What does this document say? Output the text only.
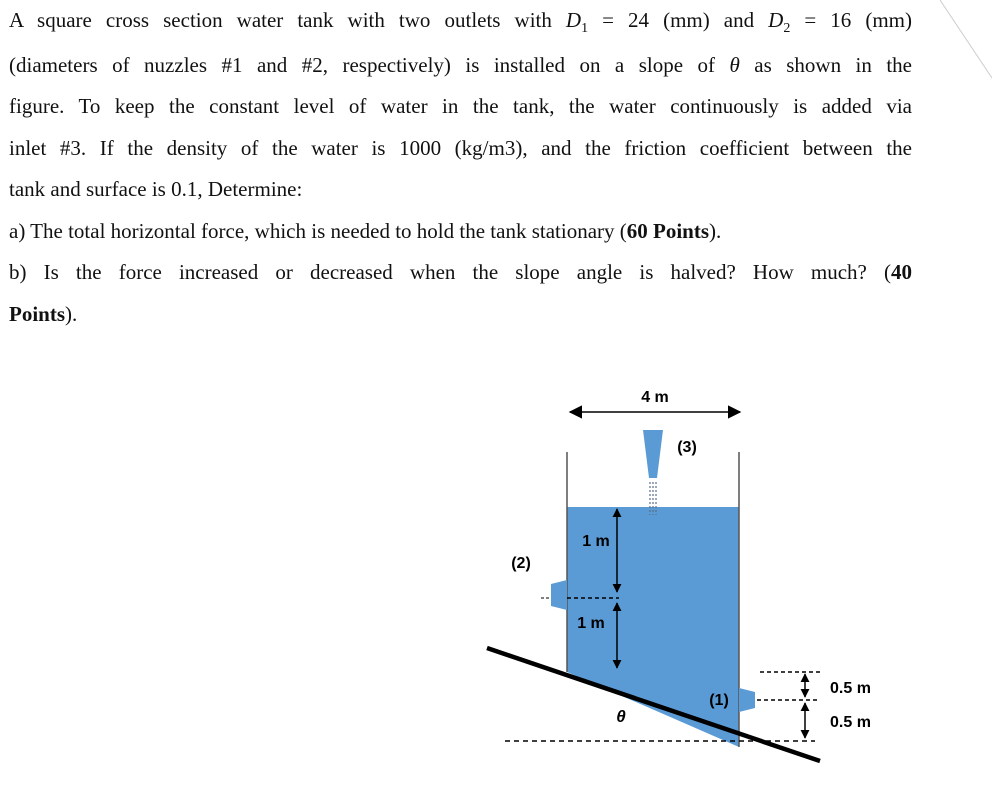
A square cross section water tank with two outlets with $D_1 = 24$ (mm) and $D_2 = 16$ (mm)

(diameters of nuzzles #1 and #2, respectively) is installed on a slope of θ as shown in the

figure. To keep the constant level of water in the tank, the water continuously is added via

inlet #3. If the density of the water is 1000 (kg/m3), and the friction coefficient between the

tank and surface is 0.1, Determine:

a) The total horizontal force, which is needed to hold the tank stationary (60 Points).

b) Is the force increased or decreased when the slope angle is halved? How much? (40

Points).

4 m
(3)
1 m
1 m
(2)
(1)
θ
0.5 m
0.5 m
